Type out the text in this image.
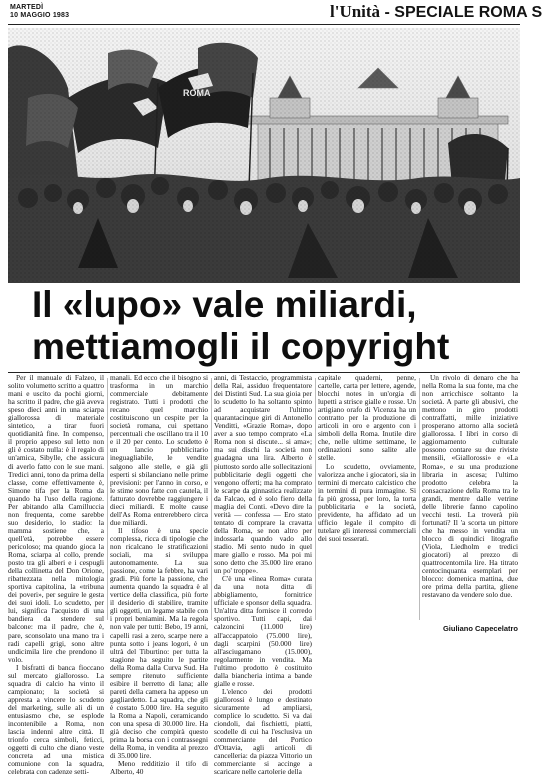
MARTEDÌ
10 MAGGIO 1983	l'Unità - SPECIALE ROMA S
Il «lupo» vale miliardi,
mettiamogli il copyright

Per il manuale di Falzeo, il solito volumetto scritto a quattro mani e uscito da pochi giorni, ha scritto il padre, che già aveva speso dieci anni in una sciarpa giallorossa di materiale sintetico, a tirar fuori quotidianità fine. In compenso, il proprio appeso sul letto non gli è costato nulla: è il regalo di un'amica, Sibylle, che assicura di averlo fatto con le sue mani. Tredici anni, tono da prima della classe, come effettivamente è, Simone tifa per la Roma da quando ha l'uso della ragione. Per abitando alla Camilluccia non frequenta, come sarebbe suo desiderio, lo stadio: la mamma sostiene che, a quell'età, potrebbe essere pericoloso; ma quando gioca la Roma, sciarpa al collo, prende posto tra gli alberi e i cespugli della collinetta del Don Orione, ribattezzata nella mitologia sportiva capitolina, la «tribuna dei poveri», per seguire le gesta dei suoi idoli. Lo scudetto, per lui, significa l'acquisto di una bandiera da stendere sul balcone: ma il padre, che è, pare, sconsolato una mano tra i radi capelli grigi, sono altre undicimila lire che prendono il volo.

I bisfratti di banca fioccano sul mercato giallorosso. La squadra di calcio ha vinto il campionato; la società si appresta a vincere lo scudetto del marketing, sulle ali di un entusiasmo che, se esplode incontenibile a Roma, non lascia indenni altre città. Il trionfo cerca simboli, feticci, oggetti di culto che diano veste concreta ad una mistica comunione con la squadra, celebrata con cadenze setti-

manali. Ed ecco che il bisogno si trasforma in un marchio commerciale debitamente registrato. Tutti i prodotti che recano quel marchio costituiscono un cespite per la società romana, cui spettano percentuali che oscillano tra il 10 e il 20 per cento. Lo scudetto è un lancio pubblicitario ineguagliabile, le vendite salgono alle stelle, e già gli esperti si sbilanciano nelle prime previsioni: per l'anno in corso, e le stime sono fatte con cautela, il fatturato dovrebbe raggiungere i dieci miliardi. E molte cause dell'As Roma entrerebbero circa due miliardi.

Il tifoso è una specie complessa, ricca di tipologie che non ricalcano le stratificazioni sociali, ma si sviluppa autonomamente. La sua passione, come la febbre, ha vari gradi. Più forte la passione, che aumenta quando la squadra è al vertice della classifica, più forte il desiderio di stabilire, tramite gli oggetti, un legame stabile con i propri beniamini. Ma la regola non vale per tutti: Bebo, 19 anni, capelli rasi a zero, scarpe nere a punta sotto i jeans logori, è un ultrà del Tiburtino: per tutta la stagione ha seguito le partite della Roma dalla Curva Sud. Ha sempre ritenuto sufficiente esibire il berretto di lana; alle pareti della camera ha appeso un gagliardetto. La squadra, che gli è costato 5.000 lire. Ha seguito la Roma a Napoli, ceramicando con una spesa di 30.000 lire. Ha già deciso che compirà questo prima la borsa con i contrassegni della Roma, in vendita al prezzo di 35.000 lire.

Meno redditizio il tifo di Alberto, 40

anni, di Testaccio, programmista della Rai, assiduo frequentatore dei Distinti Sud. La sua gioia per lo scudetto lo ha soltanto spinto ad acquistare l'ultimo quarantacinque giri di Antonello Venditti, «Grazie Roma», dopo aver a suo tempo comprato «La Roma non si discute... si ama»; ma sui dischi la società non guadagna una lira. Alberto è piuttosto sordo alle sollecitazioni pubblicitarie degli oggetti che vengono offerti; ma ha comprato le scarpe da ginnastica realizzate da Falcao, ed è solo fiero della maglia dei Conti. «Devo dire la verità — confessa — Ero stato tentato di comprare la cravatta della Roma, se non altro per indossarla quando vado allo stadio. Mi sento nudo in quel mare giallo e rosso. Ma poi mi sono detto che 35.000 lire erano un po' troppe».

C'è una «linea Roma» curata da una nota ditta di abbigliamento, fornitrice ufficiale e sponsor della squadra. Un'altra ditta fornisce il corredo sportivo. Tutti capi, dai calzoncini (11.000 lire) all'accappatoio (75.000 lire), dagli scarpini (50.000 lire) all'asciugamano (15.000), regolarmente in vendita. Ma l'ultimo prodotto è costituito dalla biancheria intima a bande gialle e rosse.

L'elenco dei prodotti giallorossi è lungo e destinato sicuramente ad ampliarsi, complice lo scudetto. Si va dai ciondoli, dai fischietti, piatti, scodelle di cui ha l'esclusiva un commerciante del Portico d'Ottavia, agli articoli di cancelleria: da piazza Vittorio un commerciante si accinge a scaricare nelle cartolerie della

capitale quaderni, penne, cartelle, carta per lettere, agende, blocchi notes in un'orgia di lupetti a strisce gialle e rosse. Un artigiano orafo di Vicenza ha un contratto per la produzione di articoli in oro e argento con i simboli della Roma. Inutile dire che, nelle ultime settimane, le ordinazioni sono salite alle stelle.

Lo scudetto, ovviamente, valorizza anche i giocatori, sia in termini di mercato calcistico che in termini di pura immagine. Si fa più grossa, per loro, la torta pubblicitaria e la società, previdente, ha affidato ad un ufficio legale il compito di tutelare gli interessi commerciali dei suoi tesserati.

Un rivolo di denaro che ha nella Roma la sua fonte, ma che non arricchisce soltanto la società. A parte gli abusivi, che mettono in giro prodotti contraffatti, mille iniziative prosperano attorno alla società giallorossa. I libri in corso di aggiornamento culturale possono contare su due riviste mensili, «Giallorossi» e «La Roma», e su una produzione libraria in ascesa; l'ultimo prodotto celebra la consacrazione della Roma tra le grandi, mentre dalle vetrine delle librerie fanno capolino vecchi testi. La troverà più fortunati? Il 'a scorta un pittore che ha messo in vendita un blocco di quindici litografie (Viola, Liedholm e tredici giocatori) al prezzo di quattrocentomila lire. Ha titrato centocinquanta esemplari per blocco: domenica mattina, due ore prima della partita, gliene restavano da vendere solo due.

Giuliano Capecelatro
